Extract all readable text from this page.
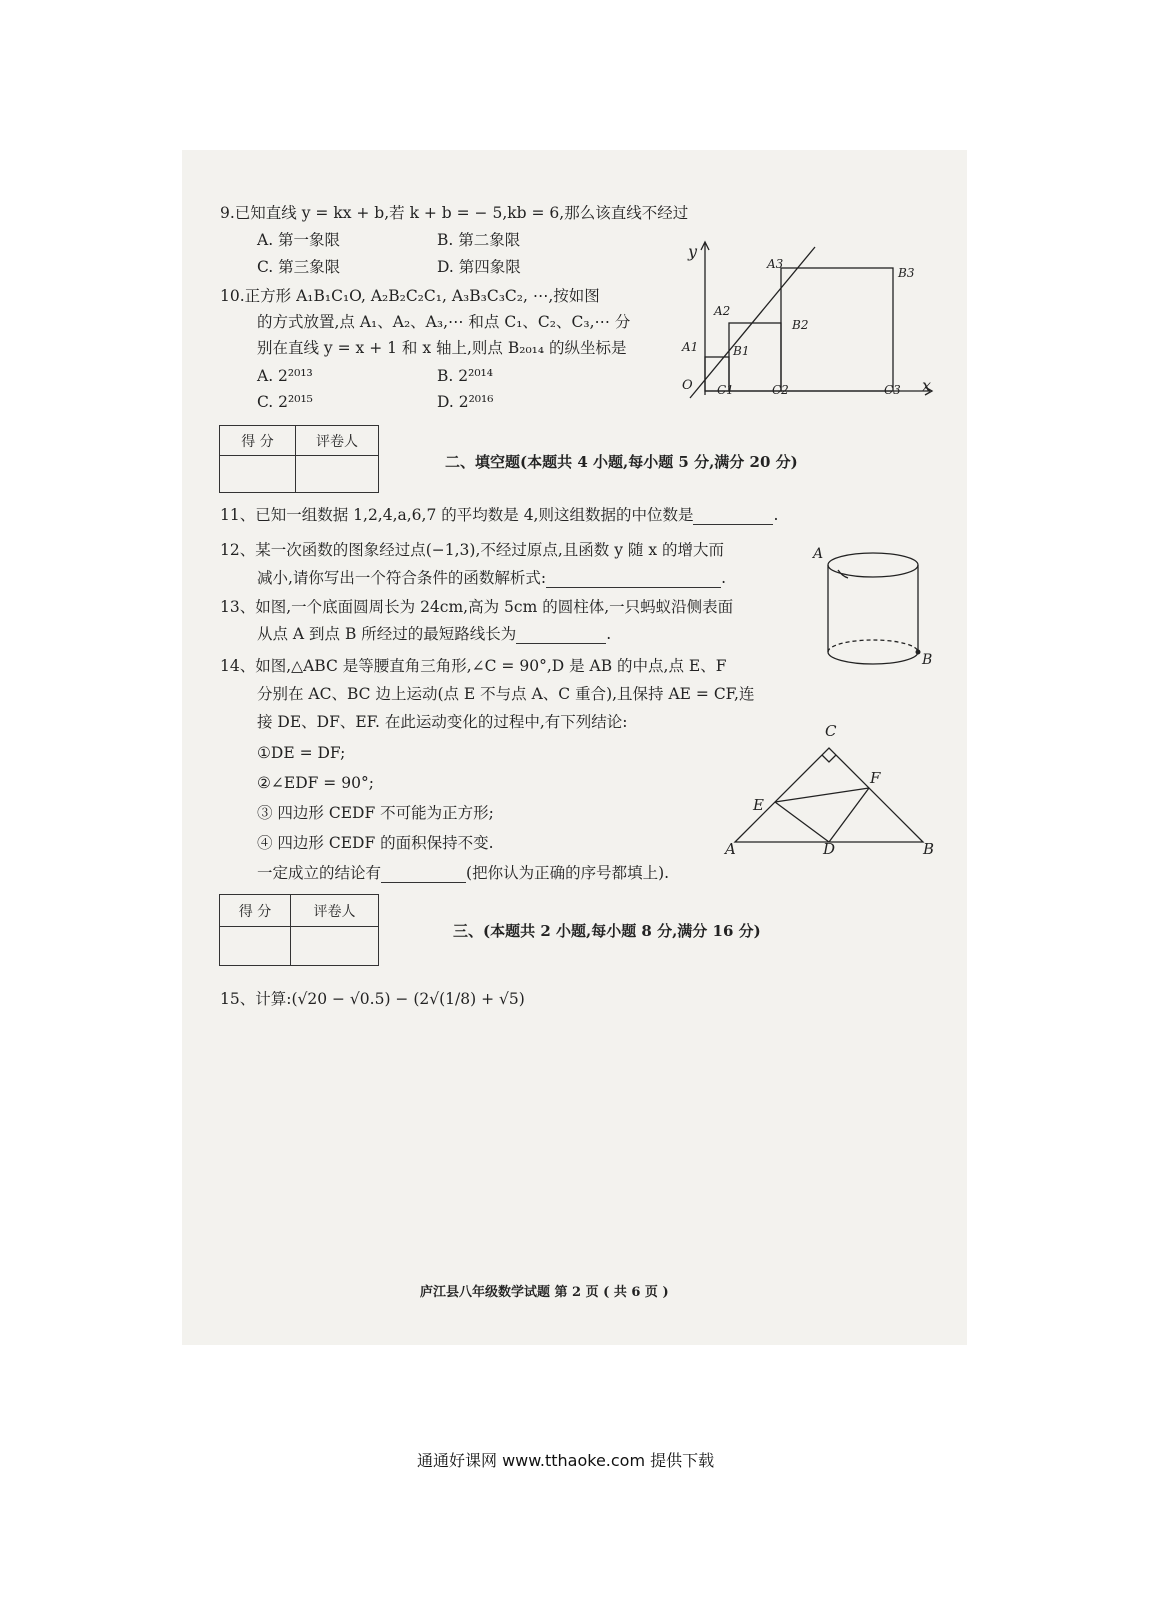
9.已知直线 y = kx + b,若 k + b = − 5,kb = 6,那么该直线不经过
A. 第一象限	B. 第二象限
C. 第三象限	D. 第四象限
10.正方形 A₁B₁C₁O, A₂B₂C₂C₁, A₃B₃C₃C₂, ⋯,按如图
的方式放置,点 A₁、A₂、A₃,⋯ 和点 C₁、C₂、C₃,⋯ 分
别在直线 y = x + 1 和 x 轴上,则点 B₂₀₁₄ 的纵坐标是
A. 2²⁰¹³	B. 2²⁰¹⁴
C. 2²⁰¹⁵	D. 2²⁰¹⁶
y
x
O
A1
A2
A3
B1
B2
B3
C1	C2	C3
得 分	评卷人

二、填空题(本题共 4 小题,每小题 5 分,满分 20 分)
11、已知一组数据 1,2,4,a,6,7 的平均数是 4,则这组数据的中位数是	.
12、某一次函数的图象经过点(−1,3),不经过原点,且函数 y 随 x 的增大而
减小,请你写出一个符合条件的函数解析式:	.
13、如图,一个底面圆周长为 24cm,高为 5cm 的圆柱体,一只蚂蚁沿侧表面
从点 A 到点 B 所经过的最短路线长为	.
A
B
14、如图,△ABC 是等腰直角三角形,∠C = 90°,D 是 AB 的中点,点 E、F
分别在 AC、BC 边上运动(点 E 不与点 A、C 重合),且保持 AE = CF,连
接 DE、DF、EF. 在此运动变化的过程中,有下列结论:
①DE = DF;
②∠EDF = 90°;
③ 四边形 CEDF 不可能为正方形;
④ 四边形 CEDF 的面积保持不变.
一定成立的结论有	(把你认为正确的序号都填上).
C
F
E
A	D	B
得 分	评卷人

三、(本题共 2 小题,每小题 8 分,满分 16 分)
15、计算:(√20 − √0.5) − (2√(1/8) + √5)
庐江县八年级数学试题 第 2 页 ( 共 6 页 )
通通好课网 www.tthaoke.com 提供下载
